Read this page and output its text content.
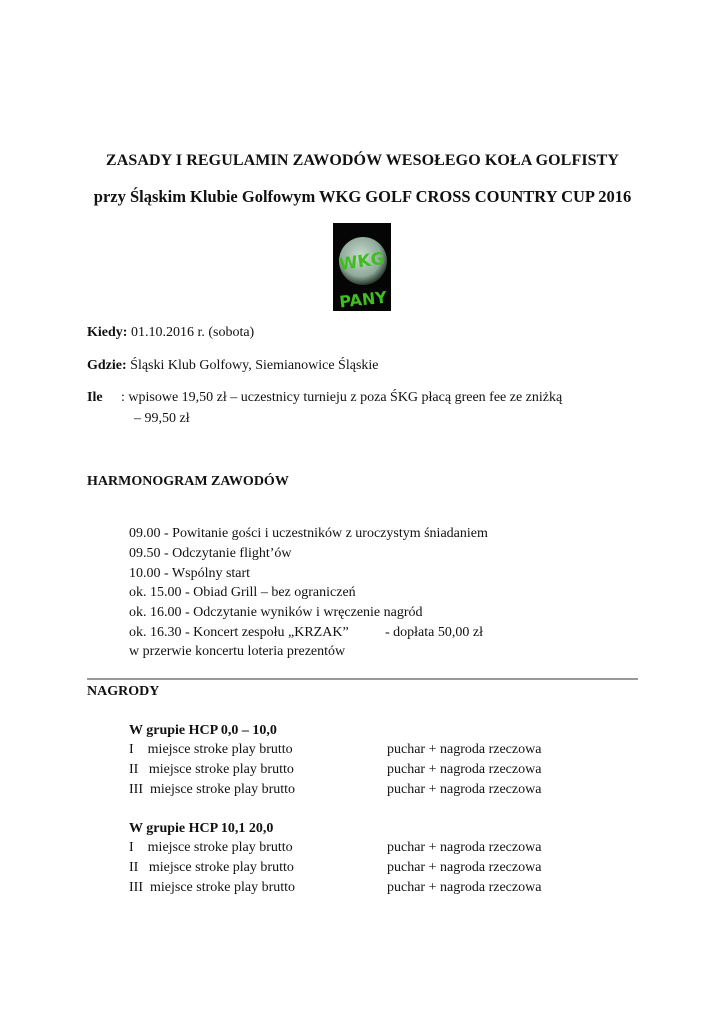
ZASADY I REGULAMIN ZAWODÓW WESOŁEGO KOŁA GOLFISTY
przy Śląskim Klubie Golfowym WKG GOLF CROSS COUNTRY CUP 2016
WKG
PANY
Kiedy: 01.10.2016 r. (sobota)
Gdzie: Śląski Klub Golfowy, Siemianowice Śląskie
Ile : wpisowe 19,50 zł – uczestnicy turnieju z poza ŚKG płacą green fee ze zniżką
– 99,50 zł
HARMONOGRAM ZAWODÓW
09.00 - Powitanie gości i uczestników z uroczystym śniadaniem
09.50 - Odczytanie flight’ów
10.00 - Wspólny start
ok. 15.00 - Obiad Grill – bez ograniczeń
ok. 16.00 - Odczytanie wyników i wręczenie nagród
ok. 16.30 - Koncert zespołu „KRZAK”	- dopłata 50,00 zł
w przerwie koncertu loteria prezentów
NAGRODY
W grupie HCP 0,0 – 10,0
I    miejsce stroke play brutto	puchar + nagroda rzeczowa
II   miejsce stroke play brutto	puchar + nagroda rzeczowa
III  miejsce stroke play brutto	puchar + nagroda rzeczowa
W grupie HCP 10,1 20,0
I    miejsce stroke play brutto	puchar + nagroda rzeczowa
II   miejsce stroke play brutto	puchar + nagroda rzeczowa
III  miejsce stroke play brutto	puchar + nagroda rzeczowa
